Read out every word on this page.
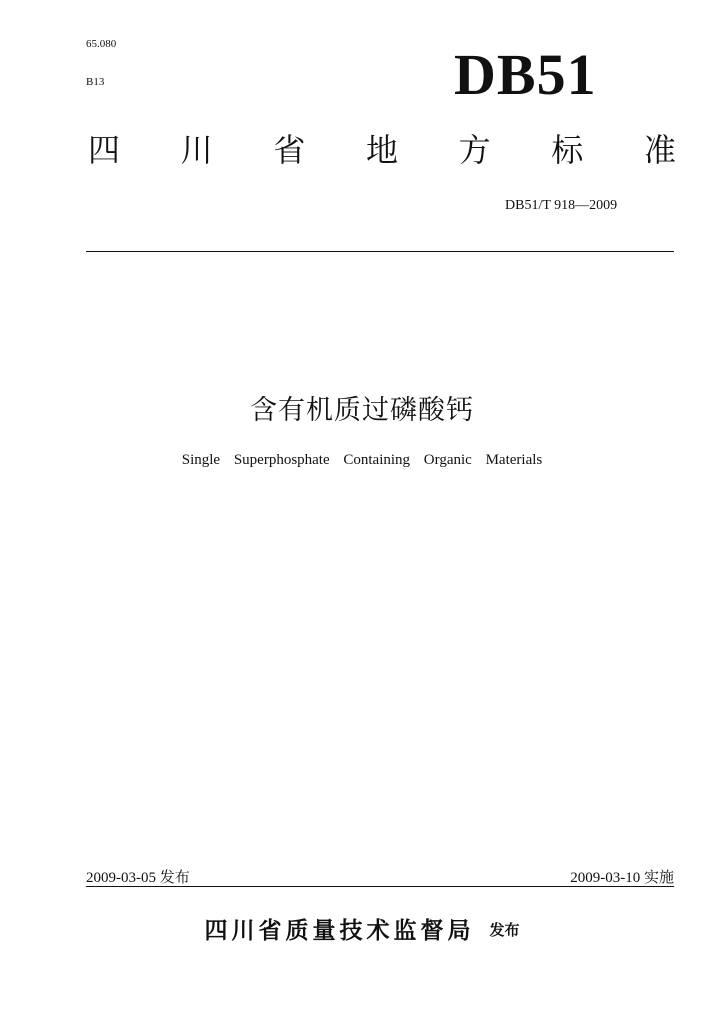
65.080
B13	DB51
四 川 省 地 方 标 准
DB51/T 918—2009
含有机质过磷酸钙
Single Superphosphate Containing Organic Materials
2009-03-05 发布	2009-03-10 实施
四川省质量技术监督局 发布
